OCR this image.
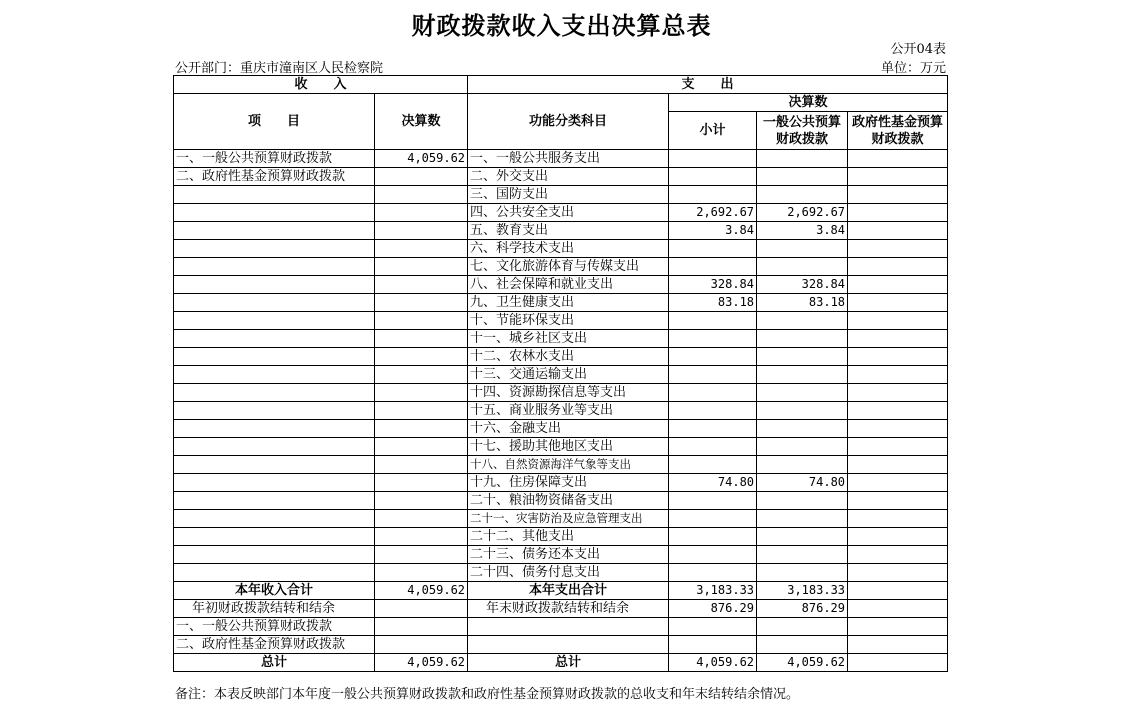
财政拨款收入支出决算总表
公开04表
公开部门：重庆市潼南区人民检察院	单位：万元
收　　入		支　　出			
项　　目	决算数	功能分类科目	决算数		
			小计	一般公共预算财政拨款	政府性基金预算财政拨款
一、一般公共预算财政拨款	4,059.62	一、一般公共服务支出			
二、政府性基金预算财政拨款		二、外交支出			
		三、国防支出			
		四、公共安全支出	2,692.67	2,692.67	
		五、教育支出	3.84	3.84	
		六、科学技术支出			
		七、文化旅游体育与传媒支出			
		八、社会保障和就业支出	328.84	328.84	
		九、卫生健康支出	83.18	83.18	
		十、节能环保支出			
		十一、城乡社区支出			
		十二、农林水支出			
		十三、交通运输支出			
		十四、资源勘探信息等支出			
		十五、商业服务业等支出			
		十六、金融支出			
		十七、援助其他地区支出			
		十八、自然资源海洋气象等支出			
		十九、住房保障支出	74.80	74.80	
		二十、粮油物资储备支出			
		二十一、灾害防治及应急管理支出			
		二十二、其他支出			
		二十三、债务还本支出			
		二十四、债务付息支出			
本年收入合计	4,059.62	本年支出合计	3,183.33	3,183.33	
年初财政拨款结转和结余		年末财政拨款结转和结余	876.29	876.29	
一、一般公共预算财政拨款					
二、政府性基金预算财政拨款					
总计	4,059.62	总计	4,059.62	4,059.62	
备注：本表反映部门本年度一般公共预算财政拨款和政府性基金预算财政拨款的总收支和年末结转结余情况。
